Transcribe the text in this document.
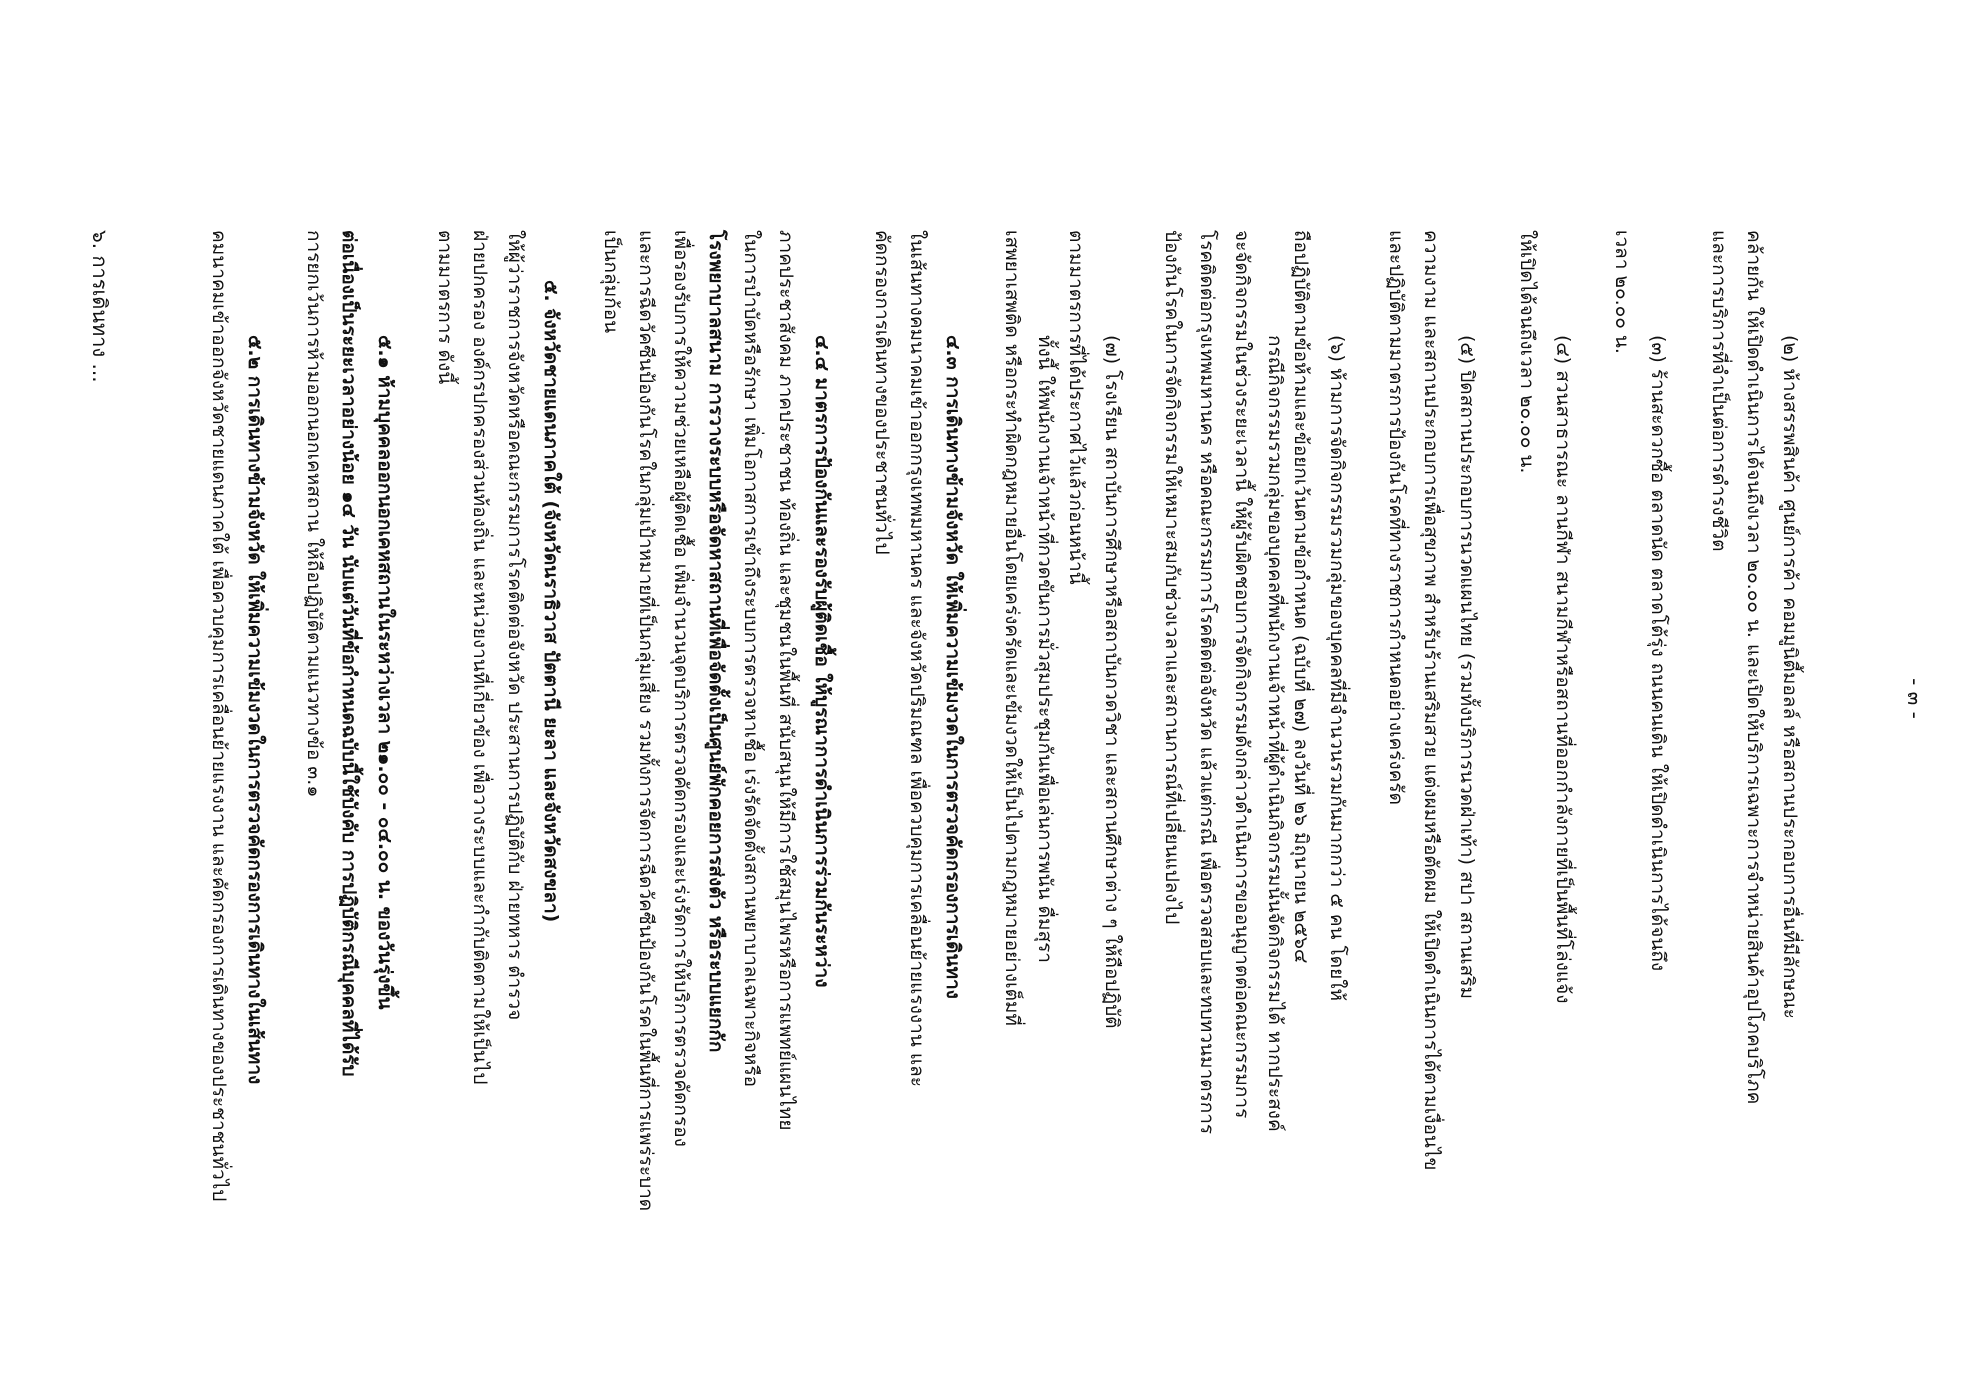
- ๓ -
(๒) ห้างสรรพสินค้า ศูนย์การค้า คอมมูนิตี้มอลล์ หรือสถานประกอบการอื่นที่มีลักษณะ
คล้ายกัน ให้เปิดดำเนินการได้จนถึงเวลา ๒๐.๐๐ น. และเปิดให้บริการเฉพาะการจำหน่ายสินค้าอุปโภคบริโภค
และการบริการที่จำเป็นต่อการดำรงชีวิต
(๓) ร้านสะดวกซื้อ ตลาดนัด ตลาดโต้รุ่ง ถนนคนเดิน ให้เปิดดำเนินการได้จนถึง
เวลา ๒๐.๐๐ น.
(๔) สวนสาธารณะ ลานกีฬา สนามกีฬาหรือสถานที่ออกกำลังกายที่เป็นพื้นที่โล่งแจ้ง
ให้เปิดได้จนถึงเวลา ๒๐.๐๐ น.
(๕) ปิดสถานประกอบการนวดแผนไทย (รวมทั้งบริการนวดฝ่าเท้า) สปา สถานเสริม
ความงาม และสถานประกอบการเพื่อสุขภาพ สำหรับร้านเสริมสวย แต่งผมหรือตัดผม ให้เปิดดำเนินการได้ตามเงื่อนไข
และปฏิบัติตามมาตรการป้องกันโรคที่ทางราชการกำหนดอย่างเคร่งครัด
(๖) ห้ามการจัดกิจกรรมรวมกลุ่มของบุคคลที่มีจำนวนรวมกันมากกว่า ๕ คน โดยให้
ถือปฏิบัติตามข้อห้ามและข้อยกเว้นตามข้อกำหนด (ฉบับที่ ๒๗) ลงวันที่ ๒๖ มิถุนายน ๒๕๖๔
กรณีกิจกรรมรวมกลุ่มของบุคคลที่พนักงานเจ้าหน้าที่ผู้ดำเนินกิจกรรมนั้นจัดกิจกรรมได้ หากประสงค์
จะจัดกิจกรรมในช่วงระยะเวลานี้ ให้ผู้รับผิดชอบการจัดกิจกรรมดังกล่าวดำเนินการขออนุญาตต่อคณะกรรมการ
โรคติดต่อกรุงเทพมหานคร หรือคณะกรรมการโรคติดต่อจังหวัด แล้วแต่กรณี เพื่อตรวจสอบและทบทวนมาตรการ
ป้องกันโรคในการจัดกิจกรรมให้เหมาะสมกับช่วงเวลาและสถานการณ์ที่เปลี่ยนแปลงไป
(๗) โรงเรียน สถาบันการศึกษาหรือสถาบันกวดวิชา และสถานศึกษาต่าง ๆ ให้ถือปฏิบัติ
ตามมาตรการที่ได้ประกาศไว้แล้วก่อนหน้านี้
ทั้งนี้ ให้พนักงานเจ้าหน้าที่กวดขันการมั่วสุมประชุมกันเพื่อเล่นการพนัน ดื่มสุรา
เสพยาเสพติด หรือกระทำผิดกฎหมายอื่นโดยเคร่งครัดและเข้มงวดให้เป็นไปตามกฎหมายอย่างเต็มที่
๔.๓ การเดินทางข้ามจังหวัด ให้เพิ่มความเข้มงวดในการตรวจคัดกรองการเดินทาง
ในเส้นทางคมนาคมเข้าออกกรุงเทพมหานคร และจังหวัดปริมณฑล เพื่อควบคุมการเคลื่อนย้ายแรงงาน และ
คัดกรองการเดินทางของประชาชนทั่วไป
๔.๔ มาตรการป้องกันและรองรับผู้ติดเชื้อ ให้บูรณาการดำเนินการร่วมกันระหว่าง
ภาคประชาสังคม ภาคประชาชน ท้องถิ่น และชุมชนในพื้นที่ สนับสนุนให้มีการใช้สมุนไพรหรือการแพทย์แผนไทย
ในการบำบัดหรือรักษา เพิ่มโอกาสการเข้าถึงระบบการตรวจหาเชื้อ เร่งรัดจัดตั้งสถานพยาบาลเฉพาะกิจหรือ
โรงพยาบาลสนาม การวางระบบหรือจัดหาสถานที่เพื่อจัดตั้งเป็นศูนย์พักคอยการส่งตัว หรือระบบแยกกัก
เพื่อรองรับการให้ความช่วยเหลือผู้ติดเชื้อ เพิ่มจำนวนจุดบริการตรวจคัดกรองและเร่งรัดการให้บริการตรวจคัดกรอง
และการฉีดวัคซีนป้องกันโรคในกลุ่มเป้าหมายที่เป็นกลุ่มเสี่ยง รวมทั้งการจัดการฉีดวัคซีนป้องกันโรคในพื้นที่การแพร่ระบาด
เป็นกลุ่มก้อน
๕. จังหวัดชายแดนภาคใต้ (จังหวัดนราธิวาส ปัตตานี ยะลา และจังหวัดสงขลา)
ให้ผู้ว่าราชการจังหวัดหรือคณะกรรมการโรคติดต่อจังหวัด ประสานการปฏิบัติกับ ฝ่ายทหาร ตำรวจ
ฝ่ายปกครอง องค์กรปกครองส่วนท้องถิ่น และหน่วยงานที่เกี่ยวข้อง เพื่อวางระบบและกำกับติดตามให้เป็นไป
ตามมาตรการ ดังนี้
๕.๑ ห้ามบุคคลออกนอกเคหสถานในระหว่างเวลา ๒๑.๐๐ - ๐๔.๐๐ น. ของวันรุ่งขึ้น
ต่อเนื่องเป็นระยะเวลาอย่างน้อย ๑๔ วัน นับแต่วันที่ข้อกำหนดฉบับนี้ใช้บังคับ การปฏิบัติกรณีบุคคลที่ได้รับ
การยกเว้นการห้ามออกนอกเคหสถาน ให้ถือปฏิบัติตามแนวทางข้อ ๓.๑
๕.๒ การเดินทางข้ามจังหวัด ให้เพิ่มความเข้มงวดในการตรวจคัดกรองการเดินทางในเส้นทาง
คมนาคมเข้าออกจังหวัดชายแดนภาคใต้ เพื่อควบคุมการเคลื่อนย้ายแรงงาน และคัดกรองการเดินทางของประชาชนทั่วไป
๖. การเดินทาง ...
